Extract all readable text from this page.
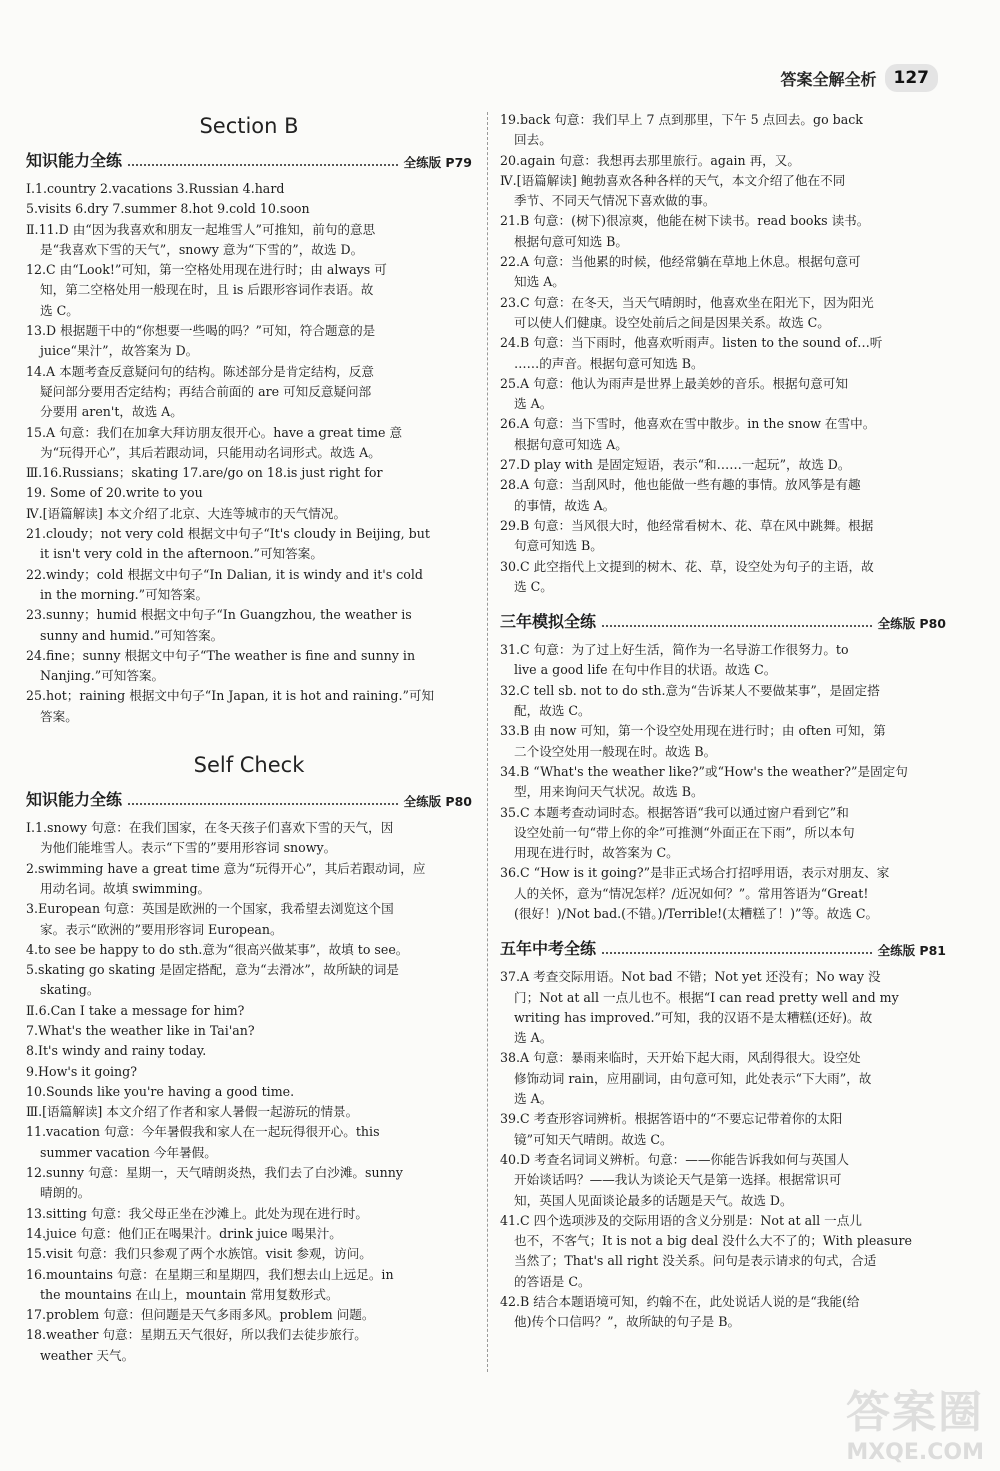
答案全解全析	127
Section B
知识能力全练	全练版 P79
Ⅰ.1.country 2.vacations 3.Russian 4.hard
5.visits 6.dry 7.summer 8.hot 9.cold 10.soon
Ⅱ.11.D 由“因为我喜欢和朋友一起堆雪人”可推知，前句的意思
是“我喜欢下雪的天气”，snowy 意为“下雪的”，故选 D。
12.C 由“Look!”可知，第一空格处用现在进行时；由 always 可
知，第二空格处用一般现在时，且 is 后跟形容词作表语。故
选 C。
13.D 根据题干中的“你想要一些喝的吗？”可知，符合题意的是
juice“果汁”，故答案为 D。
14.A 本题考查反意疑问句的结构。陈述部分是肯定结构，反意
疑问部分要用否定结构；再结合前面的 are 可知反意疑问部
分要用 aren't，故选 A。
15.A 句意：我们在加拿大拜访朋友很开心。have a great time 意
为“玩得开心”，其后若跟动词，只能用动名词形式。故选 A。
Ⅲ.16.Russians；skating 17.are/go on 18.is just right for
19. Some of 20.write to you
Ⅳ.[语篇解读] 本文介绍了北京、大连等城市的天气情况。
21.cloudy；not very cold 根据文中句子“It's cloudy in Beijing, but
it isn't very cold in the afternoon.”可知答案。
22.windy；cold 根据文中句子“In Dalian, it is windy and it's cold
in the morning.”可知答案。
23.sunny；humid 根据文中句子“In Guangzhou, the weather is
sunny and humid.”可知答案。
24.fine；sunny 根据文中句子“The weather is fine and sunny in
Nanjing.”可知答案。
25.hot；raining 根据文中句子“In Japan, it is hot and raining.”可知
答案。
Self Check
知识能力全练	全练版 P80
Ⅰ.1.snowy 句意：在我们国家，在冬天孩子们喜欢下雪的天气，因
为他们能堆雪人。表示“下雪的”要用形容词 snowy。
2.swimming have a great time 意为“玩得开心”，其后若跟动词，应
用动名词。故填 swimming。
3.European 句意：英国是欧洲的一个国家，我希望去浏览这个国
家。表示“欧洲的”要用形容词 European。
4.to see be happy to do sth.意为“很高兴做某事”，故填 to see。
5.skating go skating 是固定搭配，意为“去滑冰”，故所缺的词是
skating。
Ⅱ.6.Can I take a message for him?
7.What's the weather like in Tai'an?
8.It's windy and rainy today.
9.How's it going?
10.Sounds like you're having a good time.
Ⅲ.[语篇解读] 本文介绍了作者和家人暑假一起游玩的情景。
11.vacation 句意：今年暑假我和家人在一起玩得很开心。this
summer vacation 今年暑假。
12.sunny 句意：星期一，天气晴朗炎热，我们去了白沙滩。sunny
晴朗的。
13.sitting 句意：我父母正坐在沙滩上。此处为现在进行时。
14.juice 句意：他们正在喝果汁。drink juice 喝果汁。
15.visit 句意：我们只参观了两个水族馆。visit 参观，访问。
16.mountains 句意：在星期三和星期四，我们想去山上远足。in
the mountains 在山上，mountain 常用复数形式。
17.problem 句意：但问题是天气多雨多风。problem 问题。
18.weather 句意：星期五天气很好，所以我们去徒步旅行。
weather 天气。
19.back 句意：我们早上 7 点到那里，下午 5 点回去。go back
回去。
20.again 句意：我想再去那里旅行。again 再，又。
Ⅳ.[语篇解读] 鲍勃喜欢各种各样的天气，本文介绍了他在不同
季节、不同天气情况下喜欢做的事。
21.B 句意：(树下)很凉爽，他能在树下读书。read books 读书。
根据句意可知选 B。
22.A 句意：当他累的时候，他经常躺在草地上休息。根据句意可
知选 A。
23.C 句意：在冬天，当天气晴朗时，他喜欢坐在阳光下，因为阳光
可以使人们健康。设空处前后之间是因果关系。故选 C。
24.B 句意：当下雨时，他喜欢听雨声。listen to the sound of…听
……的声音。根据句意可知选 B。
25.A 句意：他认为雨声是世界上最美妙的音乐。根据句意可知
选 A。
26.A 句意：当下雪时，他喜欢在雪中散步。in the snow 在雪中。
根据句意可知选 A。
27.D play with 是固定短语，表示“和……一起玩”，故选 D。
28.A 句意：当刮风时，他也能做一些有趣的事情。放风筝是有趣
的事情，故选 A。
29.B 句意：当风很大时，他经常看树木、花、草在风中跳舞。根据
句意可知选 B。
30.C 此空指代上文提到的树木、花、草，设空处为句子的主语，故
选 C。
三年模拟全练	全练版 P80
31.C 句意：为了过上好生活，简作为一名导游工作很努力。to
live a good life 在句中作目的状语。故选 C。
32.C tell sb. not to do sth.意为“告诉某人不要做某事”，是固定搭
配，故选 C。
33.B 由 now 可知，第一个设空处用现在进行时；由 often 可知，第
二个设空处用一般现在时。故选 B。
34.B “What's the weather like?”或“How's the weather?”是固定句
型，用来询问天气状况。故选 B。
35.C 本题考查动词时态。根据答语“我可以通过窗户看到它”和
设空处前一句“带上你的伞”可推测“外面正在下雨”，所以本句
用现在进行时，故答案为 C。
36.C “How is it going?”是非正式场合打招呼用语，表示对朋友、家
人的关怀，意为“情况怎样？/近况如何？”。常用答语为“Great!
(很好！)/Not bad.(不错。)/Terrible!(太糟糕了！)”等。故选 C。
五年中考全练	全练版 P81
37.A 考查交际用语。Not bad 不错；Not yet 还没有；No way 没
门；Not at all 一点儿也不。根据“I can read pretty well and my
writing has improved.”可知，我的汉语不是太糟糕(还好)。故
选 A。
38.A 句意：暴雨来临时，天开始下起大雨，风刮得很大。设空处
修饰动词 rain，应用副词，由句意可知，此处表示“下大雨”，故
选 A。
39.C 考查形容词辨析。根据答语中的“不要忘记带着你的太阳
镜”可知天气晴朗。故选 C。
40.D 考查名词词义辨析。句意：——你能告诉我如何与英国人
开始谈话吗？——我认为谈论天气是第一选择。根据常识可
知，英国人见面谈论最多的话题是天气。故选 D。
41.C 四个选项涉及的交际用语的含义分别是：Not at all 一点儿
也不，不客气；It is not a big deal 没什么大不了的；With pleasure
当然了；That's all right 没关系。问句是表示请求的句式，合适
的答语是 C。
42.B 结合本题语境可知，约翰不在，此处说话人说的是“我能(给
他)传个口信吗？”，故所缺的句子是 B。
答案圈
MXQE.COM
